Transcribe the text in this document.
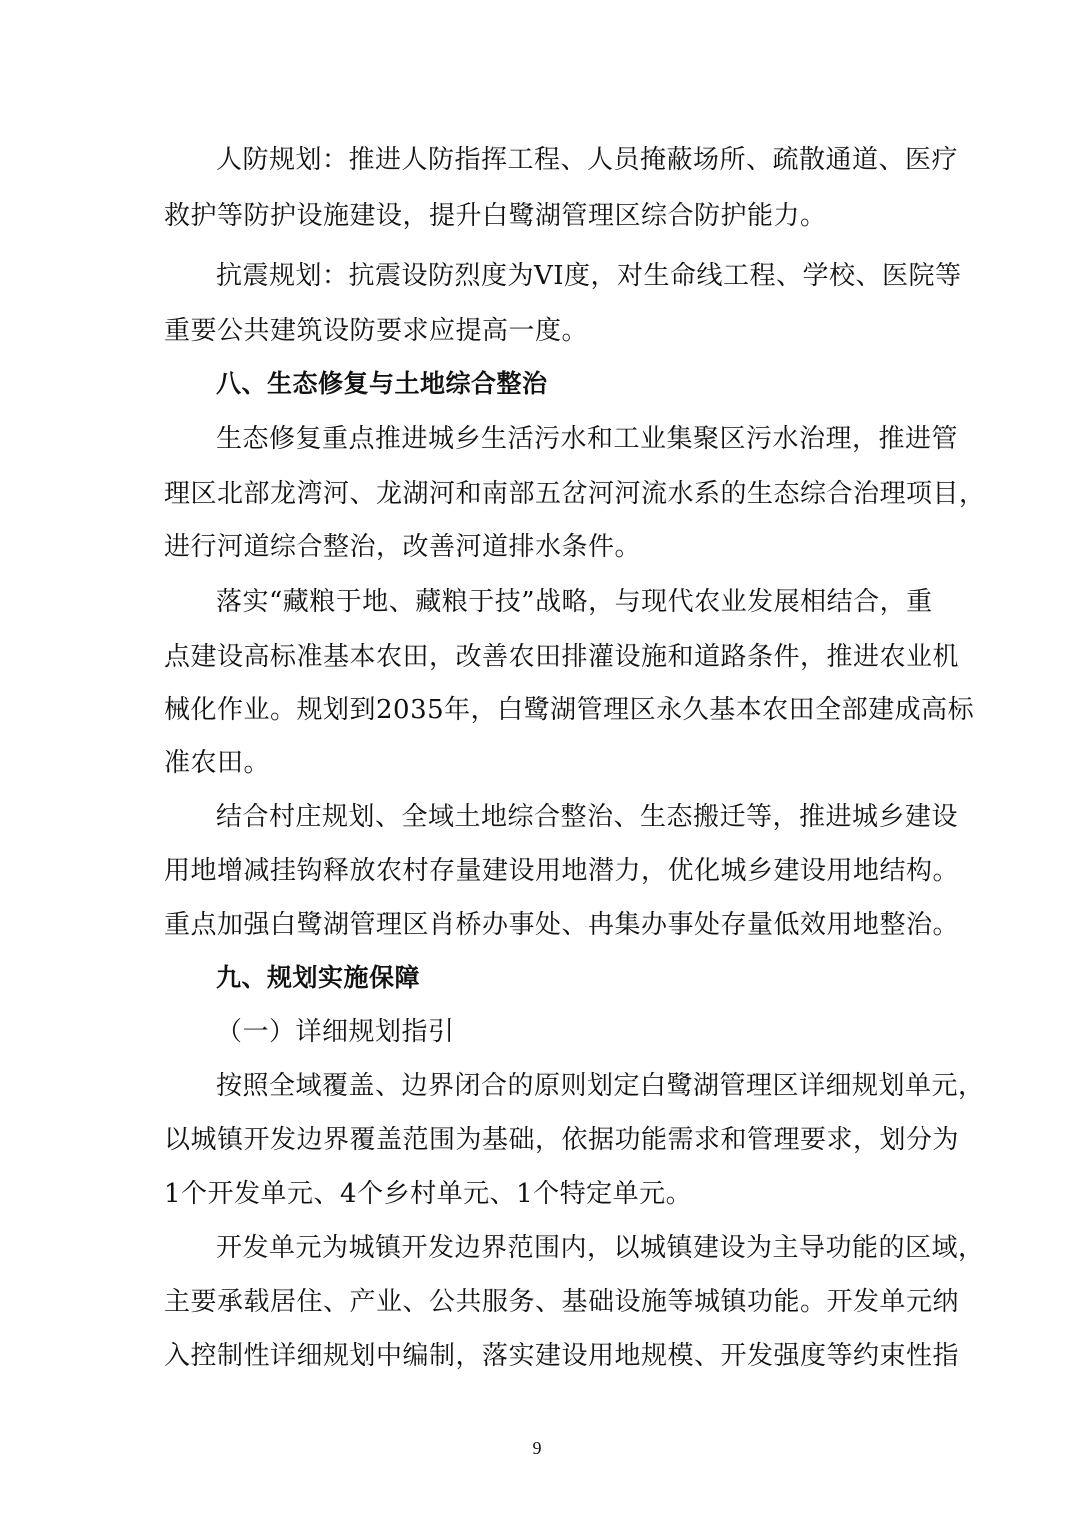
人防规划：推进人防指挥工程、人员掩蔽场所、疏散通道、医疗
救护等防护设施建设，提升白鹭湖管理区综合防护能力。
抗震规划：抗震设防烈度为VI度，对生命线工程、学校、医院等
重要公共建筑设防要求应提高一度。
八、生态修复与土地综合整治
生态修复重点推进城乡生活污水和工业集聚区污水治理，推进管
理区北部龙湾河、龙湖河和南部五岔河河流水系的生态综合治理项目，
进行河道综合整治，改善河道排水条件。
落实“藏粮于地、藏粮于技”战略，与现代农业发展相结合，重
点建设高标准基本农田，改善农田排灌设施和道路条件，推进农业机
械化作业。规划到2035年，白鹭湖管理区永久基本农田全部建成高标
准农田。
结合村庄规划、全域土地综合整治、生态搬迁等，推进城乡建设
用地增减挂钩释放农村存量建设用地潜力，优化城乡建设用地结构。
重点加强白鹭湖管理区肖桥办事处、冉集办事处存量低效用地整治。
九、规划实施保障
（一）详细规划指引
按照全域覆盖、边界闭合的原则划定白鹭湖管理区详细规划单元，
以城镇开发边界覆盖范围为基础，依据功能需求和管理要求，划分为
1个开发单元、4个乡村单元、1个特定单元。
开发单元为城镇开发边界范围内，以城镇建设为主导功能的区域，
主要承载居住、产业、公共服务、基础设施等城镇功能。开发单元纳
入控制性详细规划中编制，落实建设用地规模、开发强度等约束性指
9
